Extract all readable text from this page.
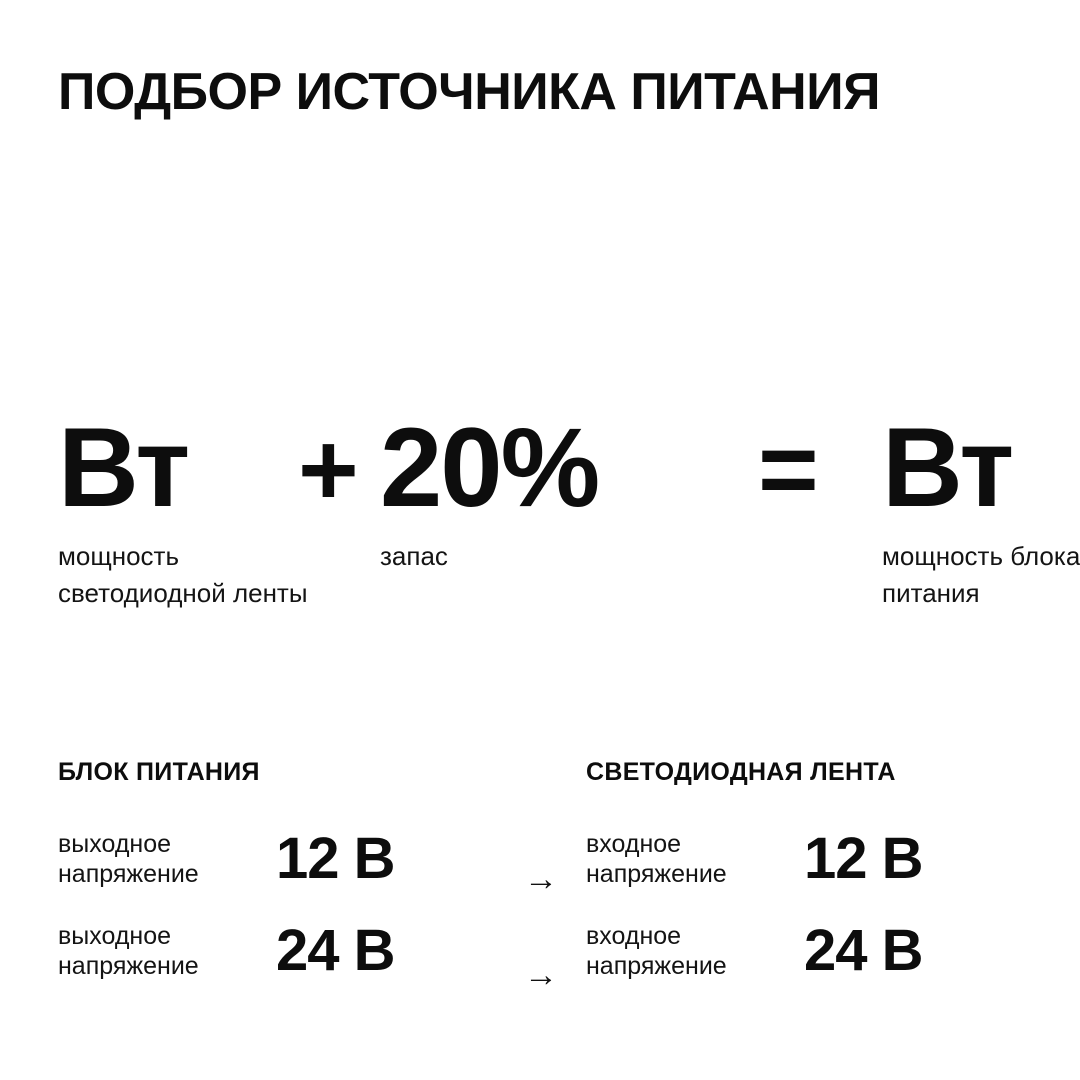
ПОДБОР ИСТОЧНИКА ПИТАНИЯ
Вт + 20% = Вт
мощность светодиодной ленты
запас	мощность блока питания
БЛОК ПИТАНИЯ
выходное напряжение	12 В
выходное напряжение	24 В
→
→
СВЕТОДИОДНАЯ ЛЕНТА
входное напряжение	12 В
входное напряжение	24 В
